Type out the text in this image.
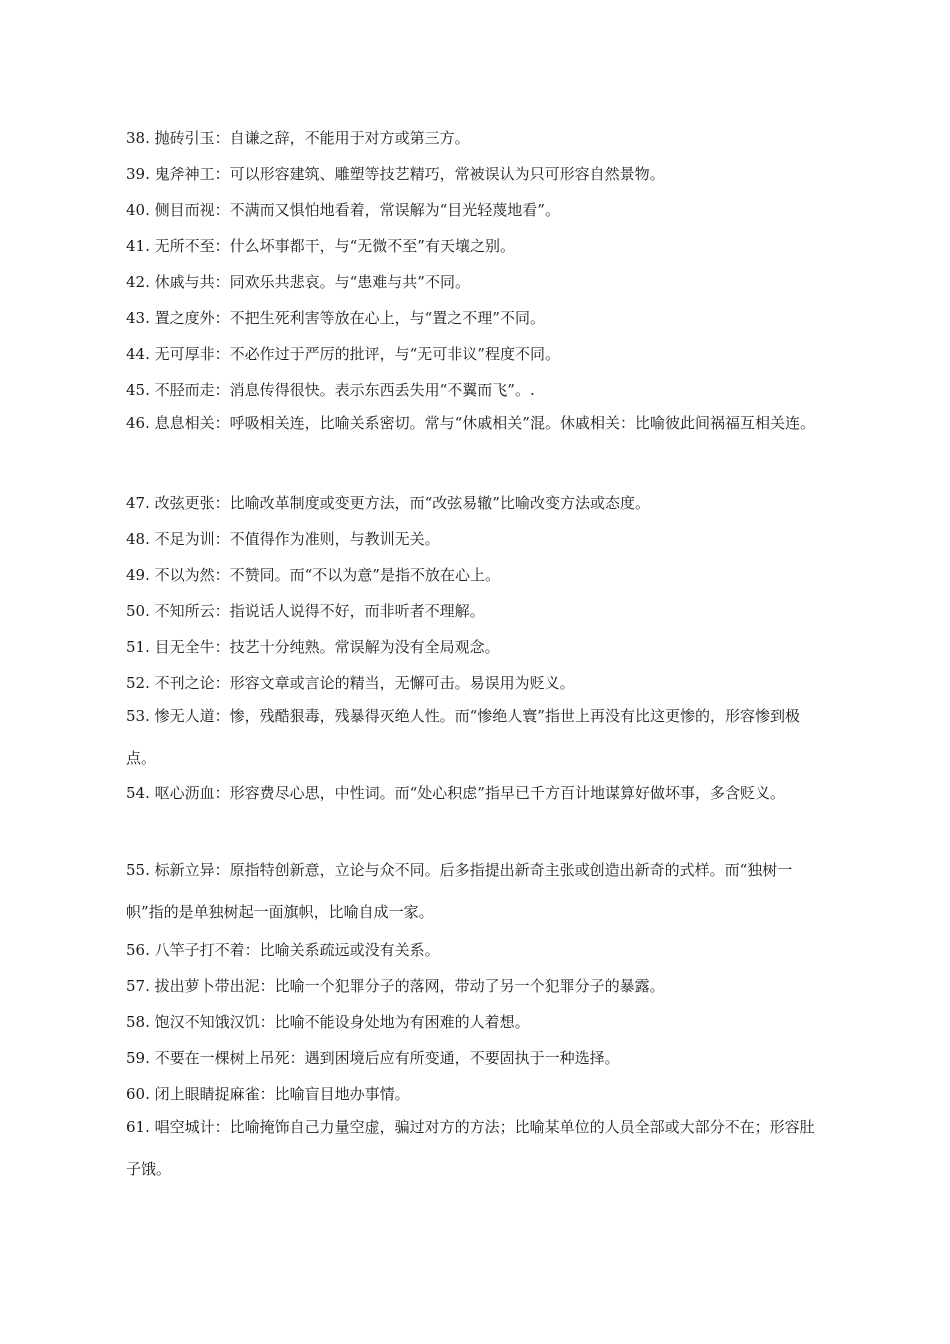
38. 抛砖引玉：自谦之辞，不能用于对方或第三方。
39. 鬼斧神工：可以形容建筑、雕塑等技艺精巧，常被误认为只可形容自然景物。
40. 侧目而视：不满而又惧怕地看着，常误解为“目光轻蔑地看”。
41. 无所不至：什么坏事都干，与“无微不至”有天壤之别。
42. 休戚与共：同欢乐共悲哀。与“患难与共”不同。
43. 置之度外：不把生死利害等放在心上，与“置之不理”不同。
44. 无可厚非：不必作过于严厉的批评，与“无可非议”程度不同。
45. 不胫而走：消息传得很快。表示东西丢失用“不翼而飞”。.
46. 息息相关：呼吸相关连，比喻关系密切。常与“休戚相关”混。休戚相关：比喻彼此间祸福互相关连。
47. 改弦更张：比喻改革制度或变更方法，而“改弦易辙”比喻改变方法或态度。
48. 不足为训：不值得作为准则，与教训无关。
49. 不以为然：不赞同。而“不以为意”是指不放在心上。
50. 不知所云：指说话人说得不好，而非听者不理解。
51. 目无全牛：技艺十分纯熟。常误解为没有全局观念。
52. 不刊之论：形容文章或言论的精当，无懈可击。易误用为贬义。
53. 惨无人道：惨，残酷狠毒，残暴得灭绝人性。而“惨绝人寰”指世上再没有比这更惨的，形容惨到极点。
54. 呕心沥血：形容费尽心思，中性词。而“处心积虑”指早已千方百计地谋算好做坏事，多含贬义。
55. 标新立异：原指特创新意，立论与众不同。后多指提出新奇主张或创造出新奇的式样。而“独树一帜”指的是单独树起一面旗帜，比喻自成一家。
56. 八竿子打不着：比喻关系疏远或没有关系。
57. 拔出萝卜带出泥：比喻一个犯罪分子的落网，带动了另一个犯罪分子的暴露。
58. 饱汉不知饿汉饥：比喻不能设身处地为有困难的人着想。
59. 不要在一棵树上吊死：遇到困境后应有所变通，不要固执于一种选择。
60. 闭上眼睛捉麻雀：比喻盲目地办事情。
61. 唱空城计：比喻掩饰自己力量空虚，骗过对方的方法；比喻某单位的人员全部或大部分不在；形容肚子饿。
